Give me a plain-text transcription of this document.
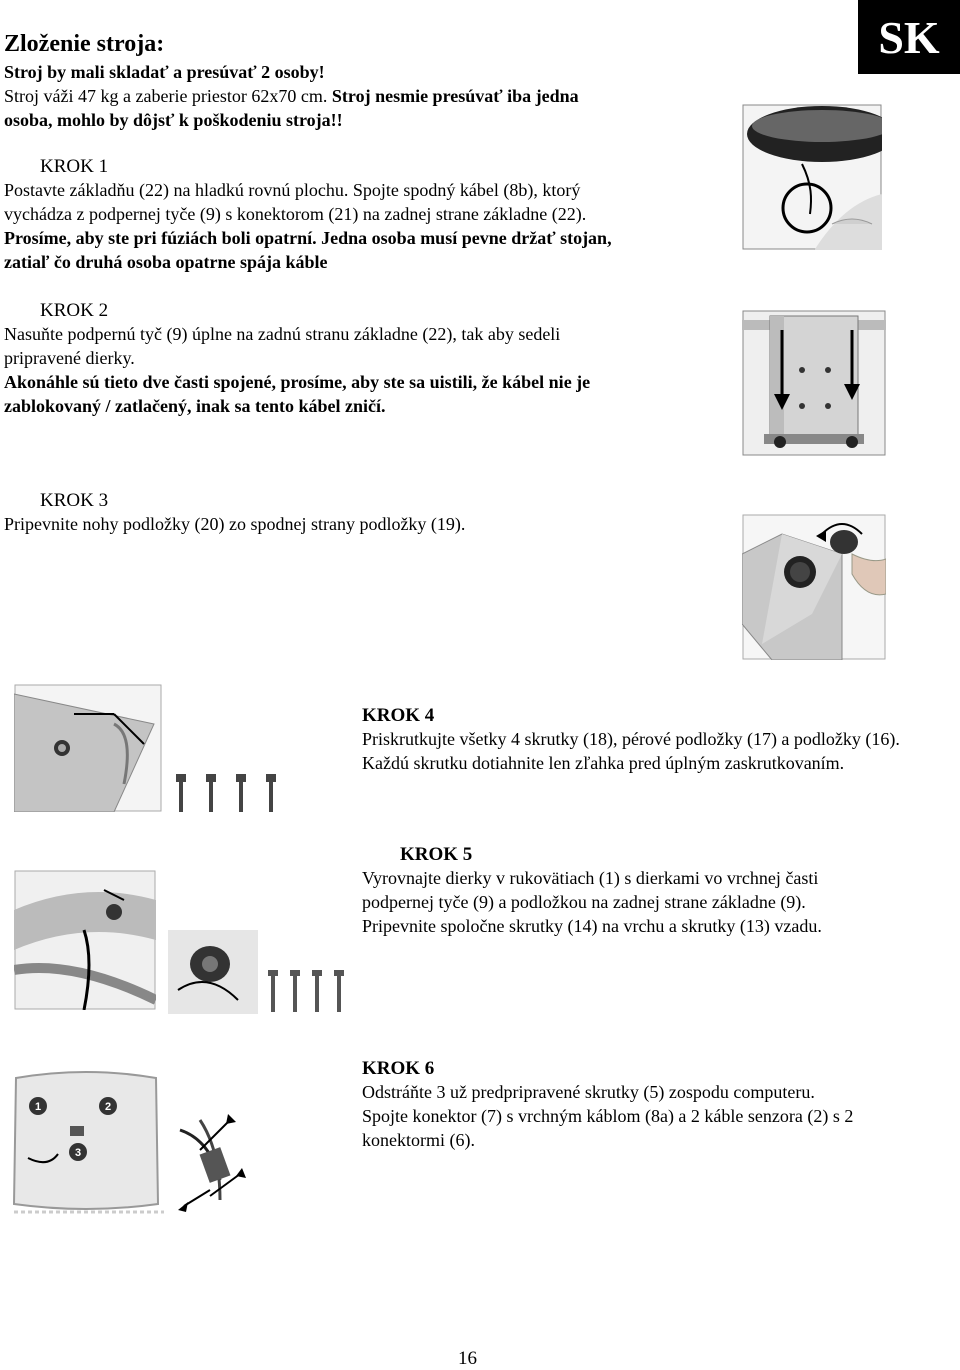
SK
Zloženie stroja:
Stroj by mali skladať a presúvať 2 osoby!
Stroj váži 47 kg a zaberie priestor 62x70 cm. Stroj nesmie presúvať iba jedna
osoba, mohlo by dôjsť k poškodeniu stroja!!
KROK 1
Postavte základňu (22) na hladkú rovnú plochu. Spojte spodný kábel (8b), ktorý
vychádza z podpernej tyče (9) s konektorom (21) na zadnej strane základne (22).
Prosíme, aby ste pri fúziách boli opatrní. Jedna osoba musí pevne držať stojan,
zatiaľ čo druhá osoba opatrne spája káble
KROK 2
Nasuňte podpernú tyč (9) úplne na zadnú stranu základne (22), tak aby sedeli
pripravené dierky.
Akonáhle sú tieto dve časti spojené, prosíme, aby ste sa uistili, že kábel nie je
zablokovaný / zatlačený, inak sa tento kábel zničí.
KROK 3
Pripevnite nohy podložky (20) zo spodnej strany podložky (19).
KROK 4
Priskrutkujte všetky 4 skrutky (18), pérové podložky (17) a podložky (16).
Každú skrutku dotiahnite len zľahka pred úplným zaskrutkovaním.
KROK 5
Vyrovnajte dierky v rukovätiach (1) s dierkami vo vrchnej časti
podpernej tyče (9) a podložkou na zadnej strane základne (9).
Pripevnite spoločne skrutky (14) na vrchu a skrutky (13) vzadu.
1	2
3
KROK 6
Odstráňte 3 už predpripravené skrutky (5) zospodu computeru.
Spojte konektor (7) s vrchným káblom (8a) a 2 káble senzora (2) s 2
konektormi (6).
16
